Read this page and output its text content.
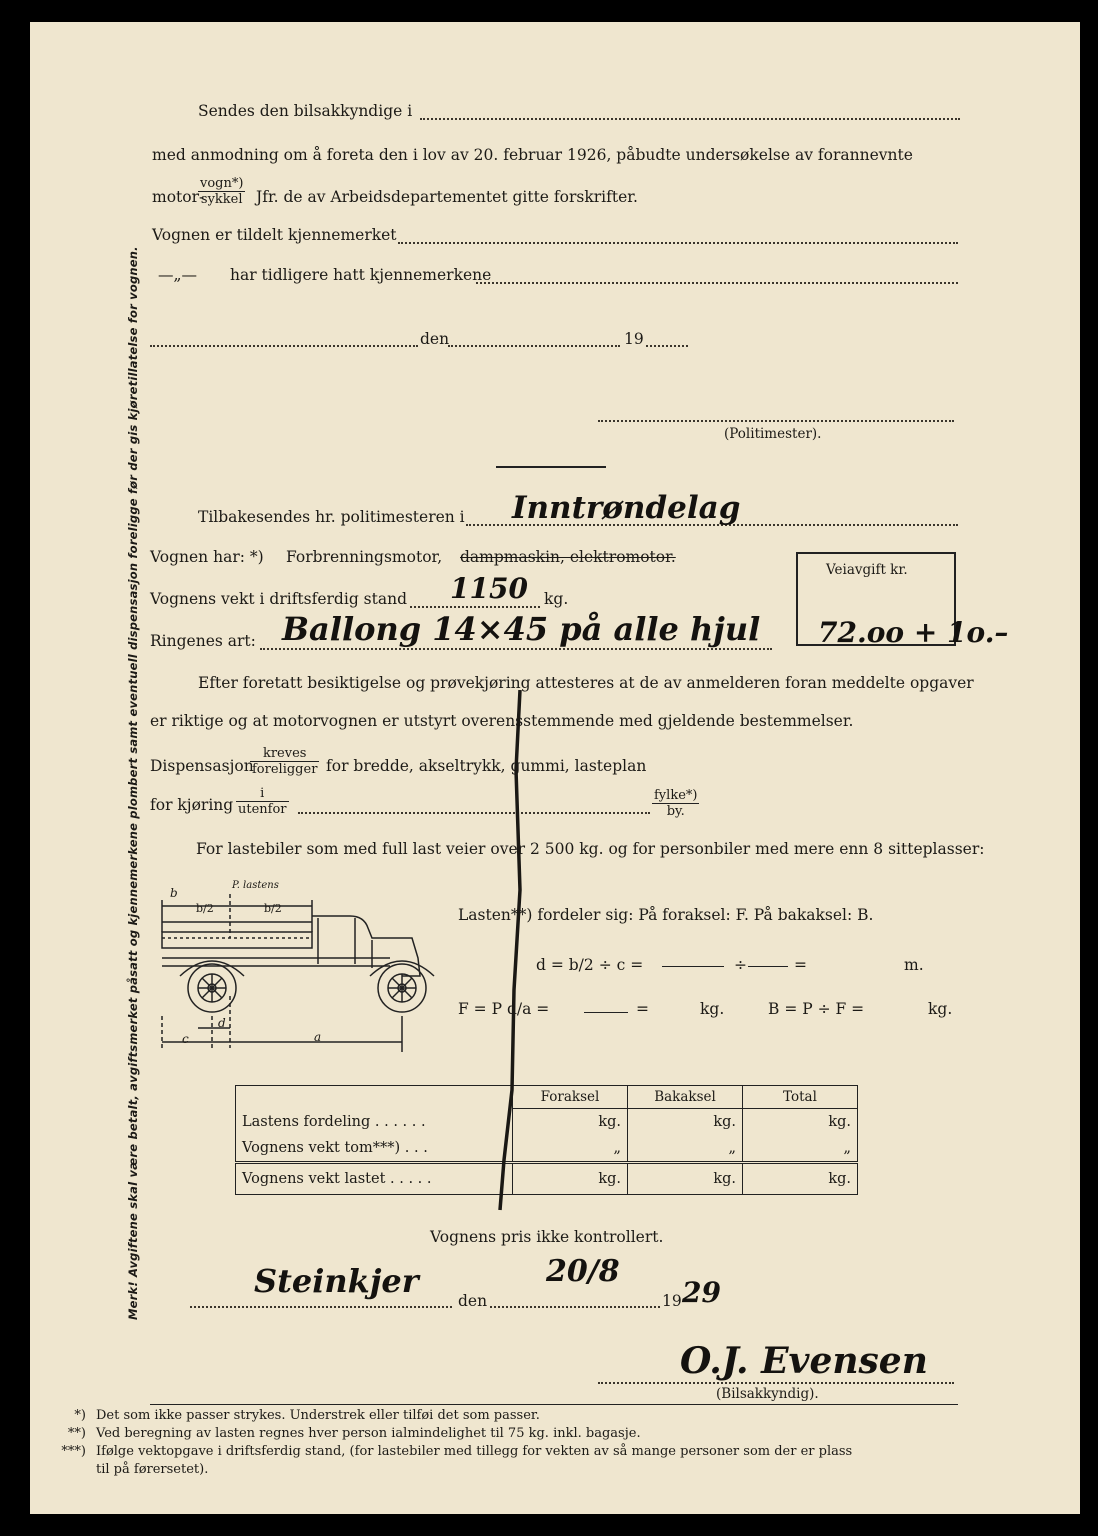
Merk! Avgiftene skal være betalt, avgiftsmerket påsatt og kjennemerkene plombert samt eventuell dispensasjon foreligge før der gis kjøretillatelse for vognen.
Sendes den bilsakkyndige i
med anmodning om å foreta den i lov av 20. februar 1926, påbudte undersøkelse av forannevnte
motor-
vogn*)
sykkel Jfr. de av Arbeidsdepartementet gitte forskrifter.
Vognen er tildelt kjennemerket
—„— har tidligere hatt kjennemerkene
den	19
(Politimester).
Tilbakesendes hr. politimesteren i Inntrøndelag
Vognen har: *) Forbrenningsmotor, dampmaskin, elektromotor.
Veiavgift kr.
72.oo + 1o.–
Vognens vekt i driftsferdig stand 1150 kg.
Ringenes art: Ballong 14×45 på alle hjul
Efter foretatt besiktigelse og prøvekjøring attesteres at de av anmelderen foran meddelte opgaver
er riktige og at motorvognen er utstyrt overensstemmende med gjeldende bestemmelser.
Dispensasjon
kreves
foreligger for bredde, akseltrykk, gummi, lasteplan
for kjøring
i
utenfor
fylke*)
by.
For lastebiler som med full last veier over 2 500 kg. og for personbiler med mere enn 8 sitteplasser:
b
b/2	b/2
P. lastens
c
d
a
Lasten**) fordeler sig: På foraksel: F. På bakaksel: B.
d = b/2 ÷ c =	÷	=	m.
F = P d/a =	=	kg.	B = P ÷ F =	kg.
	Foraksel	Bakaksel	Total
Lastens fordeling . . . . . .	kg.	kg.	kg.
Vognens vekt tom***) . . .	„	„	„
Vognens vekt lastet . . . . .	kg.	kg.	kg.
Vognens pris ikke kontrollert.
Steinkjer
den
20/8
19 29
O.J. Evensen
(Bilsakkyndig).
*) Det som ikke passer strykes. Understrek eller tilføi det som passer.
**) Ved beregning av lasten regnes hver person ialmindelighet til 75 kg. inkl. bagasje.
***) Ifølge vektopgave i driftsferdig stand, (for lastebiler med tillegg for vekten av så mange personer som der er plass
til på førersetet).
